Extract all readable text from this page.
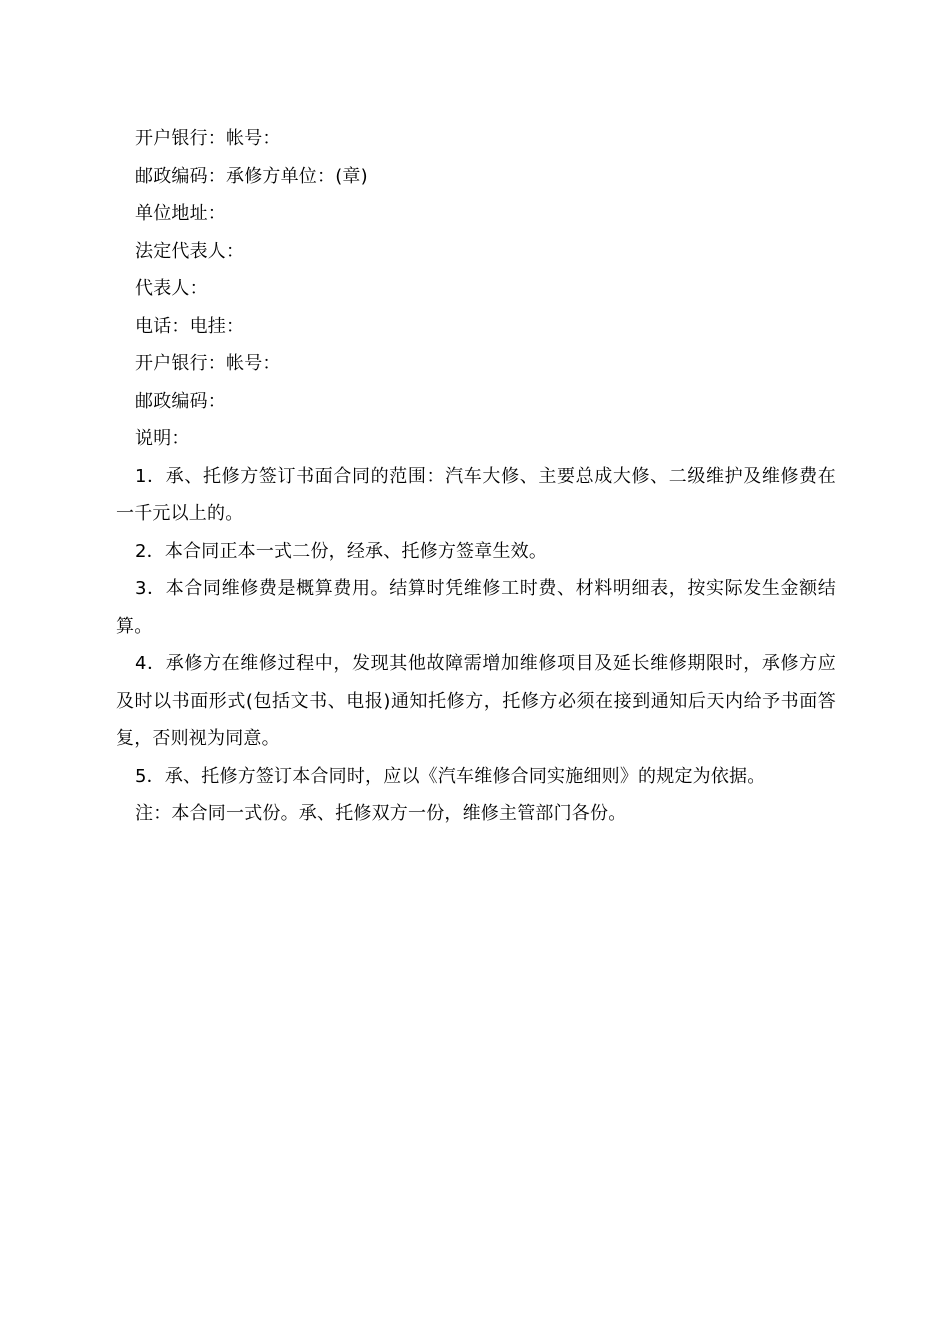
开户银行：帐号：

邮政编码：承修方单位：(章)

单位地址：

法定代表人：

代表人：

电话：电挂：

开户银行：帐号：

邮政编码：

说明：

1．承、托修方签订书面合同的范围：汽车大修、主要总成大修、二级维护及维修费在一千元以上的。

2．本合同正本一式二份，经承、托修方签章生效。

3．本合同维修费是概算费用。结算时凭维修工时费、材料明细表，按实际发生金额结算。

4．承修方在维修过程中，发现其他故障需增加维修项目及延长维修期限时，承修方应及时以书面形式(包括文书、电报)通知托修方，托修方必须在接到通知后天内给予书面答复，否则视为同意。

5．承、托修方签订本合同时，应以《汽车维修合同实施细则》的规定为依据。

注：本合同一式份。承、托修双方一份，维修主管部门各份。
